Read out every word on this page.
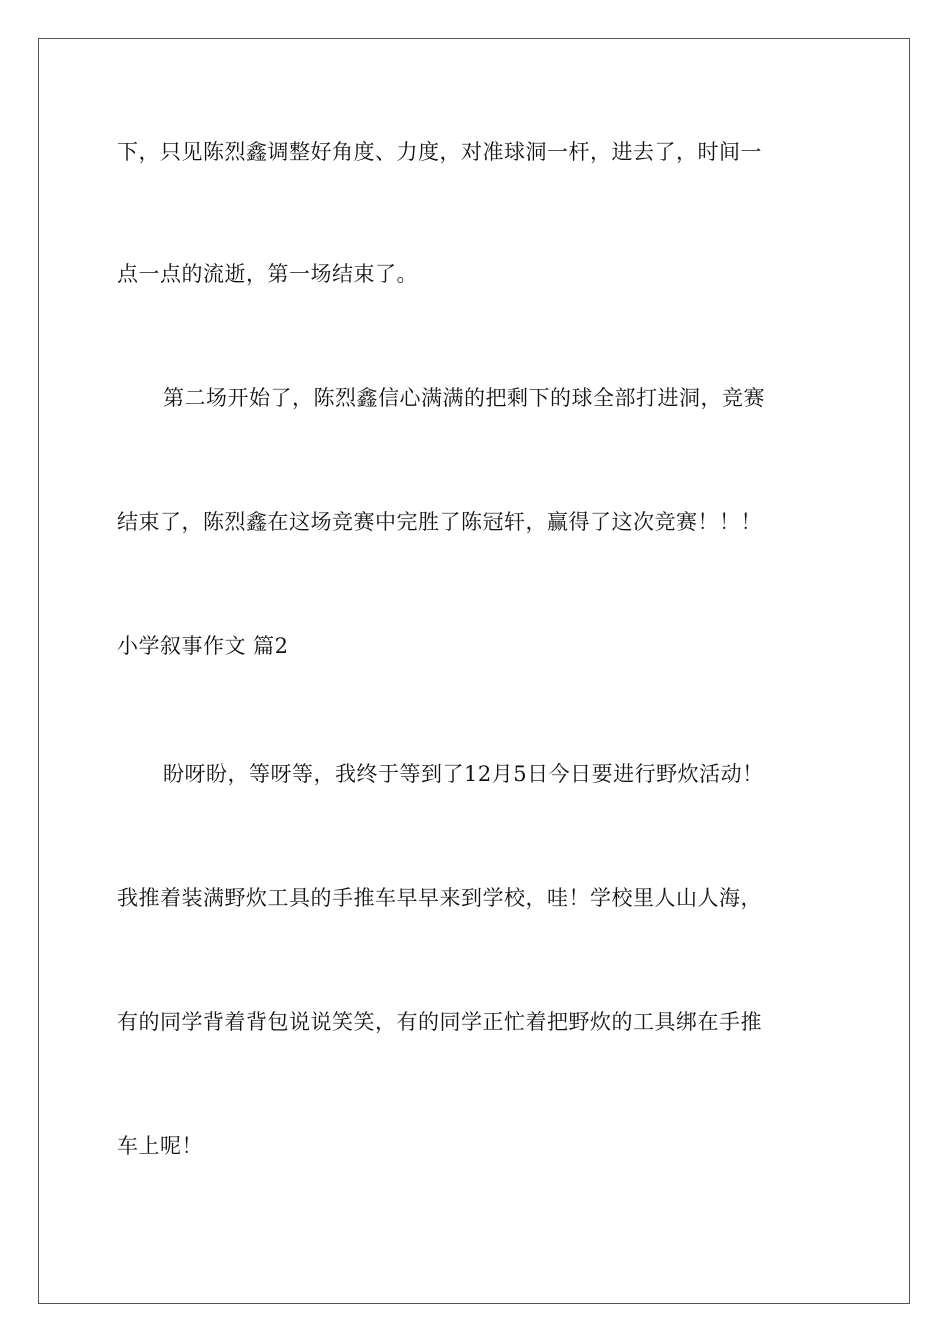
下，只见陈烈鑫调整好角度、力度，对准球洞一杆，进去了，时间一
点一点的流逝，第一场结束了。
第二场开始了，陈烈鑫信心满满的把剩下的球全部打进洞，竞赛
结束了，陈烈鑫在这场竞赛中完胜了陈冠轩，赢得了这次竞赛！！！
小学叙事作文 篇2
盼呀盼，等呀等，我终于等到了12月5日今日要进行野炊活动！
我推着装满野炊工具的手推车早早来到学校，哇！学校里人山人海，
有的同学背着背包说说笑笑，有的同学正忙着把野炊的工具绑在手推
车上呢！
